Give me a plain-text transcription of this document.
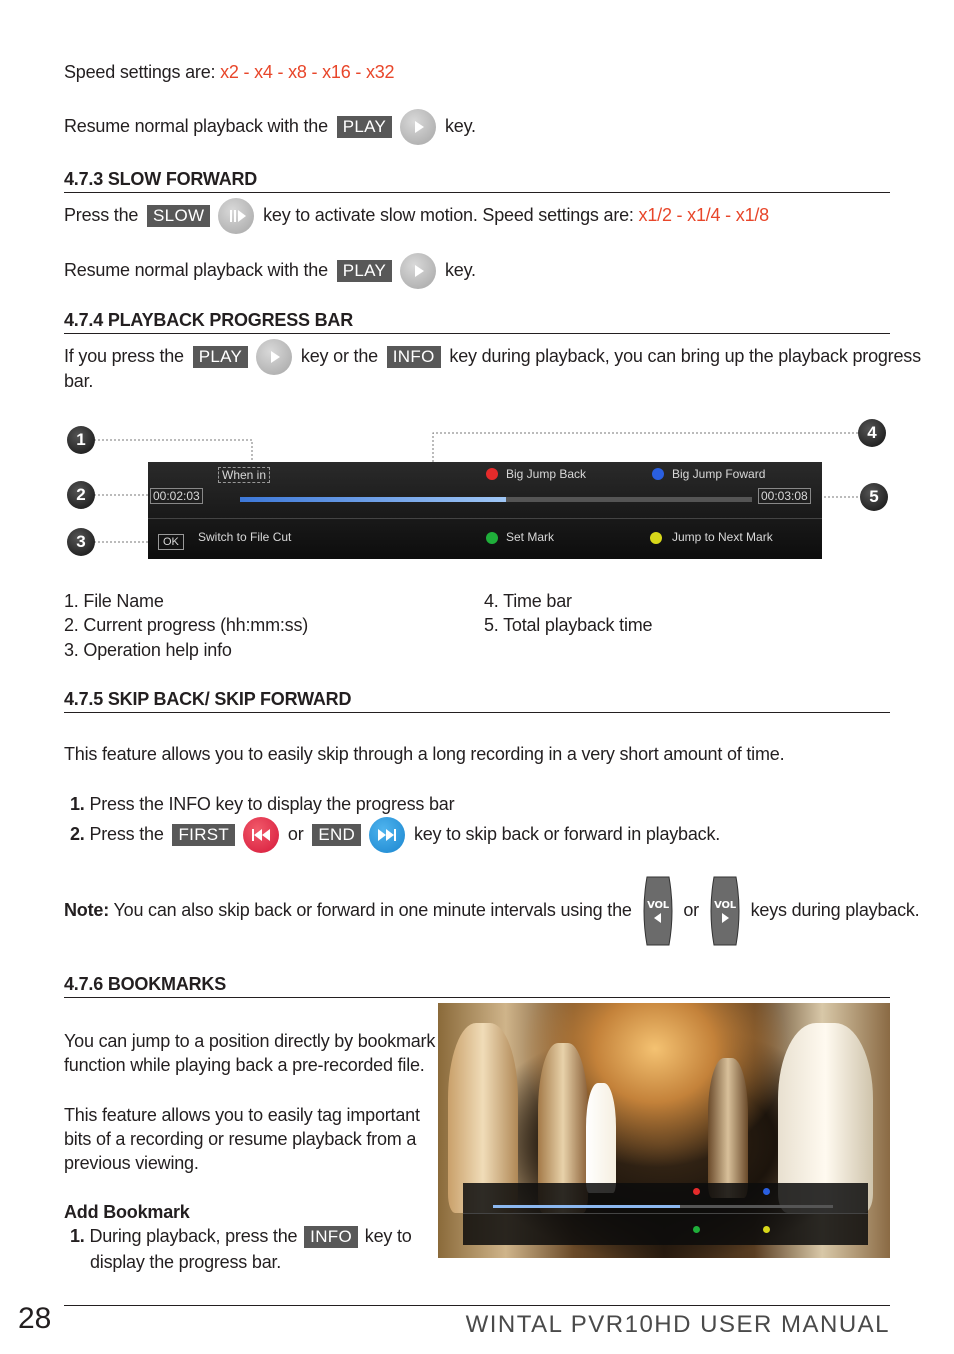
Speed settings are: x2 - x4 - x8 - x16 - x32
Resume normal playback with the PLAY	key.
4.7.3 SLOW FORWARD
Press the SLOW	key to activate slow motion. Speed settings are: x1/2 - x1/4 - x1/8
Resume normal playback with the PLAY	key.
4.7.4 PLAYBACK PROGRESS BAR
If you press the PLAY	key or the INFO key during playback, you can bring up the playback progress
bar.
1
2
3
4
5
When in	Big Jump Back	Big Jump Foward
00:02:03	00:03:08
OK	Switch to File Cut	Set Mark	Jump to Next Mark
1. File Name
2. Current progress (hh:mm:ss)
3. Operation help info
4. Time bar
5. Total playback time
4.7.5 SKIP BACK/ SKIP FORWARD
This feature allows you to easily skip through a long recording in a very short amount of time.
1. Press the INFO key to display the progress bar
2. Press the FIRST	or END	key to skip back or forward in playback.
Note: You can also skip back or forward in one minute intervals using the VOL or VOL keys during playback.
4.7.6 BOOKMARKS
You can jump to a position directly by bookmark
function while playing back a pre-recorded file.
This feature allows you to easily tag important
bits of a recording or resume playback from a
previous viewing.
Add Bookmark
1. During playback, press the INFO key to
display the progress bar.
28	WINTAL PVR10HD USER MANUAL
